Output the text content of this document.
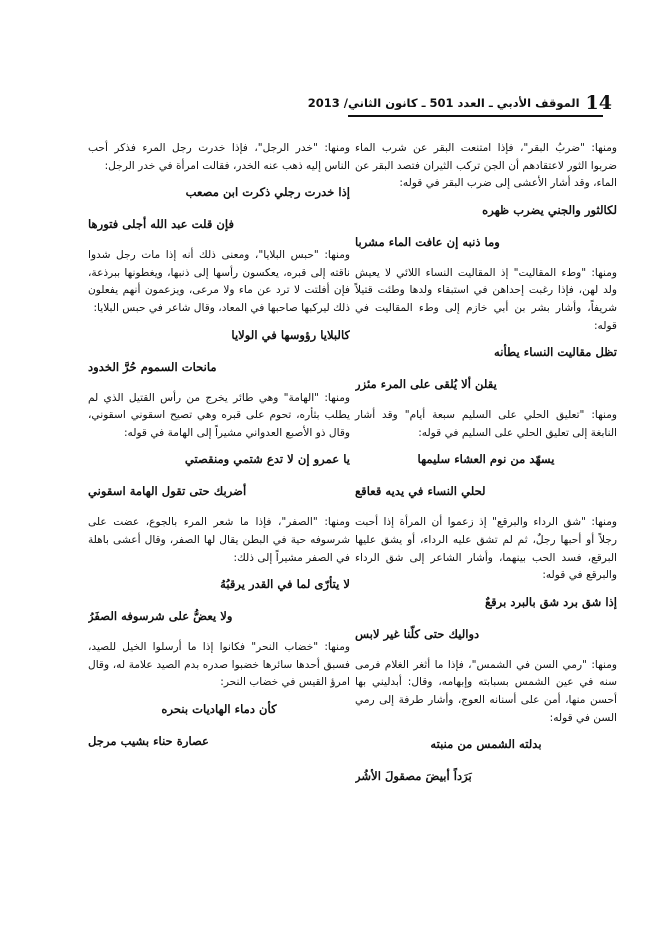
14
الموقف الأدبي ـ العدد 501 ـ كانون الثاني/ 2013

ومنها: "ضربُ البقر"، فإذا امتنعت البقر عن شرب الماء ضربوا الثور لاعتقادهم أن الجن تركب الثيران فتصد البقر عن الماء، وقد أشار الأعشى إلى ضرب البقر في قوله:

لكالثور والجني يضرب ظهره
وما ذنبه إن عافت الماء مشربا

ومنها: "وطء المقاليت" إذ المقاليت النساء اللائي لا يعيش ولد لهن، فإذا رغبت إحداهن في استبقاء ولدها وطئت قتيلاً شريفاً، وأشار بشر بن أبي خازم إلى وطء المقاليت في قوله:

تظل مقاليت النساء يطأنه
يقلن ألا يُلقى على المرء مئزر

ومنها: "تعليق الحلي على السليم سبعة أيام" وقد أشار النابغة إلى تعليق الحلي على السليم في قوله:

يسهّد من نوم العشاء سليمها
لحلي النساء في يديه قعاقع

ومنها: "شق الرداء والبرقع" إذ زعموا أن المرأة إذا أحبت رجلاً أو أحبها رجلٌ، ثم لم تشق عليه الرداء، أو يشق عليها البرقع، فسد الحب بينهما، وأشار الشاعر إلى شق الرداء والبرقع في قوله:

إذا شق برد شق بالبرد برقعٌ
دواليك حتى كلّنا غير لابس

ومنها: "رمي السن في الشمس"، فإذا ما أثغر الغلام فرمى سنه في عين الشمس بسبابته وإبهامه، وقال: أبدليني بها أحسن منها، أمن على أسنانه العوج، وأشار طرفة إلى رمي السن في قوله:

بدلته الشمس من منبته
بَرَداً أبيضَ مصقولَ الأشُر

ومنها: "خدر الرجل"، فإذا خدرت رجل المرء فذكر أحب الناس إليه ذهب عنه الخدر، فقالت امرأة في خدر الرجل:

إذا خدرت رجلي ذكرت ابن مصعب
فإن قلت عبد الله أجلى فتورها

ومنها: "حبس البلايا"، ومعنى ذلك أنه إذا مات رجل شدوا ناقته إلى قبره، يعكسون رأسها إلى ذنبها، ويغطونها ببرذعة، فإن أفلتت لا ترد عن ماء ولا مرعى، ويزعمون أنهم يفعلون ذلك ليركبها صاحبها في المعاد، وقال شاعر في حبس البلايا:

كالبلايا رؤوسها في الولايا
مانحات السموم حُرَّ الخدود

ومنها: "الهامة" وهي طائر يخرج من رأس القتيل الذي لم يطلب بثأره، تحوم على قبره وهي تصيح اسقوني اسقوني، وقال ذو الأصبع العدواني مشيراً إلى الهامة في قوله:

يا عمرو إن لا تدع شتمي ومنقصتي
أضربك حتى تقول الهامة اسقوني

ومنها: "الصفر"، فإذا ما شعر المرء بالجوع، عضت على شرسوفه حية في البطن يقال لها الصفر، وقال أعشى باهلة في الصفر مشيراً إلى ذلك:

لا يتأرّى لما في القدر يرقبُهُ
ولا يعضُّ على شرسوفه الصفَرُ

ومنها: "خضاب النحر" فكانوا إذا ما أرسلوا الخيل للصيد، فسبق أحدها سائرها خضبوا صدره بدم الصيد علامة له، وقال امرؤ القيس في خضاب النحر:

كأن دماء الهاديات بنحره
عصارة حناء بشيب مرجل
